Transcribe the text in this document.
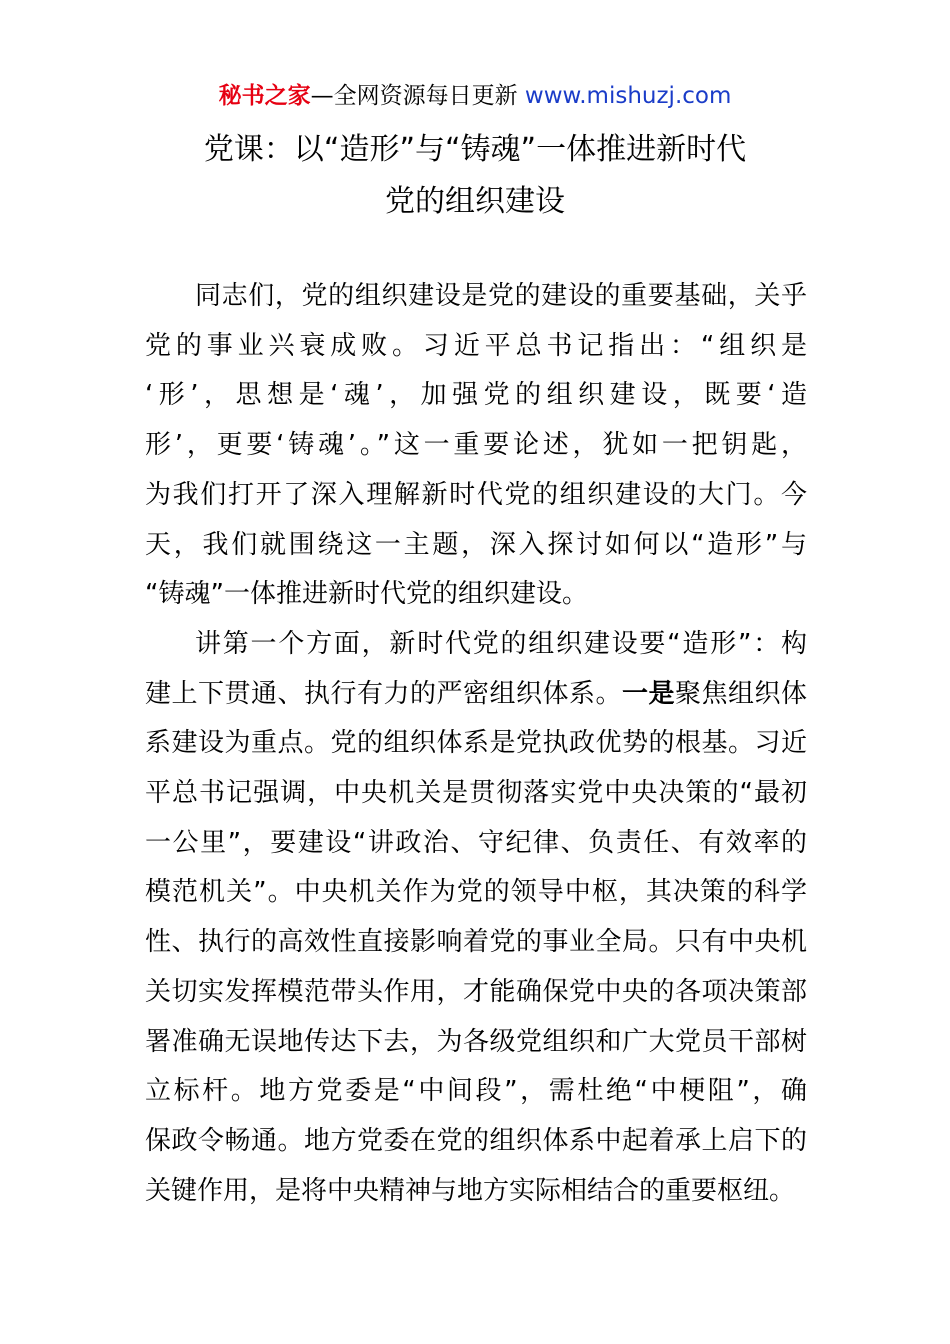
秘书之家—全网资源每日更新 www.mishuzj.com
党课：以“造形”与“铸魂”一体推进新时代
党的组织建设
同志们，党的组织建设是党的建设的重要基础，关乎
党的事业兴衰成败。习近平总书记指出：“组织是
‘形’，思想是‘魂’，加强党的组织建设，既要‘造
形’，更要‘铸魂’。”这一重要论述，犹如一把钥匙，
为我们打开了深入理解新时代党的组织建设的大门。今
天，我们就围绕这一主题，深入探讨如何以“造形”与
“铸魂”一体推进新时代党的组织建设。
讲第一个方面，新时代党的组织建设要“造形”：构
建上下贯通、执行有力的严密组织体系。一是聚焦组织体
系建设为重点。党的组织体系是党执政优势的根基。习近
平总书记强调，中央机关是贯彻落实党中央决策的“最初
一公里”，要建设“讲政治、守纪律、负责任、有效率的
模范机关”。中央机关作为党的领导中枢，其决策的科学
性、执行的高效性直接影响着党的事业全局。只有中央机
关切实发挥模范带头作用，才能确保党中央的各项决策部
署准确无误地传达下去，为各级党组织和广大党员干部树
立标杆。地方党委是“中间段”，需杜绝“中梗阻”，确
保政令畅通。地方党委在党的组织体系中起着承上启下的
关键作用，是将中央精神与地方实际相结合的重要枢纽。
